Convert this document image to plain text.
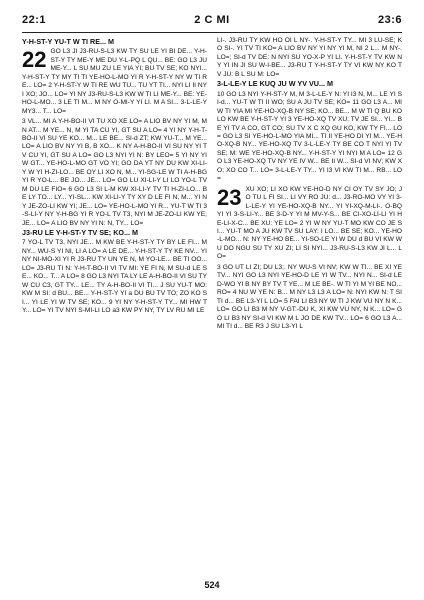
22:1	2 C MI	23:6
Y-H-ST-Y YU-T W TI RE... M
22 GO L3 JI J3-RU-S-L3 KW TY SU LE YI BI DE... Y-H-ST-Y TY ME-Y ME DU Y-L-PQ L QU... BE: GO L3 JU ME-Y... L SU MU ZU LE YIA YI; BU TV SE; KO NYI... Y-H-ST-Y TY MY TI TI YE-HO-L-MO YI R Y-H-ST-Y NY W TI RE... LO= 2 Y-H-ST-Y W TI RE WU TU... TU YT TI... NYI LI II NYI XO; JO... LO= YI NY J3-RU-S-L3 KW W TI LI ME-Y... BE: YE-HO-L-MO... 3 LE TI M... M NY O-MI-Y YI LI. M A SI... 3-L-LE-Y MY3... T... LO=

3 VL... MI A Y-H-BO-II VI TU XO XE LO= A LIO BV NY YI M, M N AT... M YE... N, M YI TA CU YI, GT SU A LO= 4 YI NY Y-H-T-BO-II VI SU YE KO... M... LE BE... SI-d ZT; KW YU-T... M YE... LO= A LIO BV NY YI B, B XO... K NY A-H-BO-II VI SU NY YI TV CU YI, GT SU A LO= GO L3 NYI YI N: BY LEO= 5 YI NY YI W GT... YE-HO-L-MO GT VO YI; GO DA YT NY DU KW XI-LI-Y W YI H-ZI-LO... BE OY LI XO N, M... YI-SG-LE W TI A-H-BG YI R YO-L... BE JO... JE... LO= GO LU XI-LI-Y LI LO YO-L TV M DU LE FIO= 6 GO L3 SI L-M KW XI-LI-Y TV TI H-ZI-LO... BE LY TO... LY... YI-SL... KW XI-LI-Y TY XY D LE FI N, M... YI NY JE-ZO-LI KW YI; JE... LO= YE-HO-L-MO YI R... YU-T W TI 3-S-LI-Y NY Y-H-BG YI R YO-L TV T3, NYI M JE-ZO-LI KW YE; JE... LO= A LIO BV NY YI N: N, TY... LO=

J3-RU LE Y-H-ST-Y TV SE; KO... M

7 YO-L TV T3, NYI JE... M KW BE Y-H-ST-Y TY BY LE FI... M NY... WU-S YI NI, LI A LO= A LE DE... Y-H-ST-Y TY KE NV... YI NY NI-MO-XI YI R J3-RU TY UN YE N, M YO-LE... BE TI OO... LO= J3-RU TI N: Y-H-T-BO-II VI TV MI: YE FI N, M SU-d LE SE... KO... T... A LO= 8 GO L3 NYI TA LY LE A-H-BO-II VI SU TY W CU C3, GT TY... LE... TY A-H-BO-II VI TI... J SU YU-T MO: KW M SI: d BU... BE... Y-H-ST-Y YI a DU BU TV TO; ZO KO SI... YI LE YI W TV SE; KO... 9 YI NY Y-H-ST-Y TY... MI HW TY... LO= YI TV NYI S-MI-LI LO a3 KW PY NY, TY LV RU MI LE

LI-. J3-RU TY KW HO OI L NY-. Y-H-ST-Y TY... MI 3 LU-SE; KO SI-. YI TV TI KO= A LIO BV NY YI NY YI M, NI 2 L... M NY-. LO=; SI-d TV DE: N NYI SU YO-X-P YI LI. Y-H-ST-Y TV KW NY YI IN JI SU W-I-BE... J3-RU T Y-H-ST-Y TY VI KW NY KO TV JU: B L SU M: LO=

3-L-LE-Y LE KUQ JU W YV VU... M

10 GO L3 NYI Y-H-ST-Y M, M 3-L-LE-Y N: YI I3 N, M... LE YI SI-d... YU-T W TI II WO; SU A JU TV SE; KO= 11 GO L3 A... MI W TI YIA MI YE-HO-XQ-B NY SE; KO... BE... M W TI Q BU KO LO KW BE Y-H-ST-Y YI 3 YE-HO-XQ TV XU: TV JE SI... YI... BE YI TV A CO, GT CO; SU TV X C XQ GU KO, KW TY FI... LO= GO L3 SI YE-HO-L-MO YIA MI... TI II YE-HO DI YI M... YE-HO-XQ-B NY... YE-HO-XQ TV 3-L-LE-Y TY BE CO T NYI YI TV SE; M: WE YE-HO-XQ-B NY... Y-H-ST-Y YI NYI M A LO= 12 GO L3 YE-HO-XQ TV NY YE IV W... BE II W... SI-d VI NV; KW XO; XO CO T... LO= 3-L-LE-Y TY... YI I3 VI KW TI M... RB... LO=

23 XU XO; LI XO KW YE-HO-D NY CI OY TV SY JO; JO TU L FI SI... LI VY RO JU: d... J3-RO-MO VY YI 3-L-LE-Y YI YE-HO-XQ-B NY... YI YI-XQ-M-LI-. O-BQ YI YI 3-S-LI-Y... BE 3-D-Y YI M MV-Y-S... BE CI-XO-LI-LI YI H E-LI-X-C... BE XU: YE LO= 2 YI W NY YU-T MO KW CO JE SI... YU-T MO A JU KW TV SU LAY: I LO... BE SE; KO... YE-HO-L-MO... N: NY YE-HO BE... YI-SO-LE YI W DU d BU VI KW WU DO NGU SU TY XU ZI; LI SI NYI... J3-RU-S-L3 KW JI L... LO=

3 GO UT LI ZI; DU L3;. NY WU-S VI NV; KW W TI... BE XI YE TV... NYI GO L3 NYI YE-HO-D LE YI W TV... NYI N... SI-d LE D-WO YI B NY BY TV T YE... M LE BE-. W TI YI M YI BE NO... RO= 4 NU W YE N: B... M NY L3 L3 A LO= N: NYI KW N: T SI TI d... BE L3-YI L LO= 5 FAI LI B3 NY W TI J KW VU NY N K... LO= GO LI B3 M NY V-GT:-DU K, XI KW VU NY, N K... LO= GO LI B3 NY SI-d VI KW M L JO DE KW TV... LO= 6 GO L3 A... MI TI d... BE R3 J SU L3-YI L

524
